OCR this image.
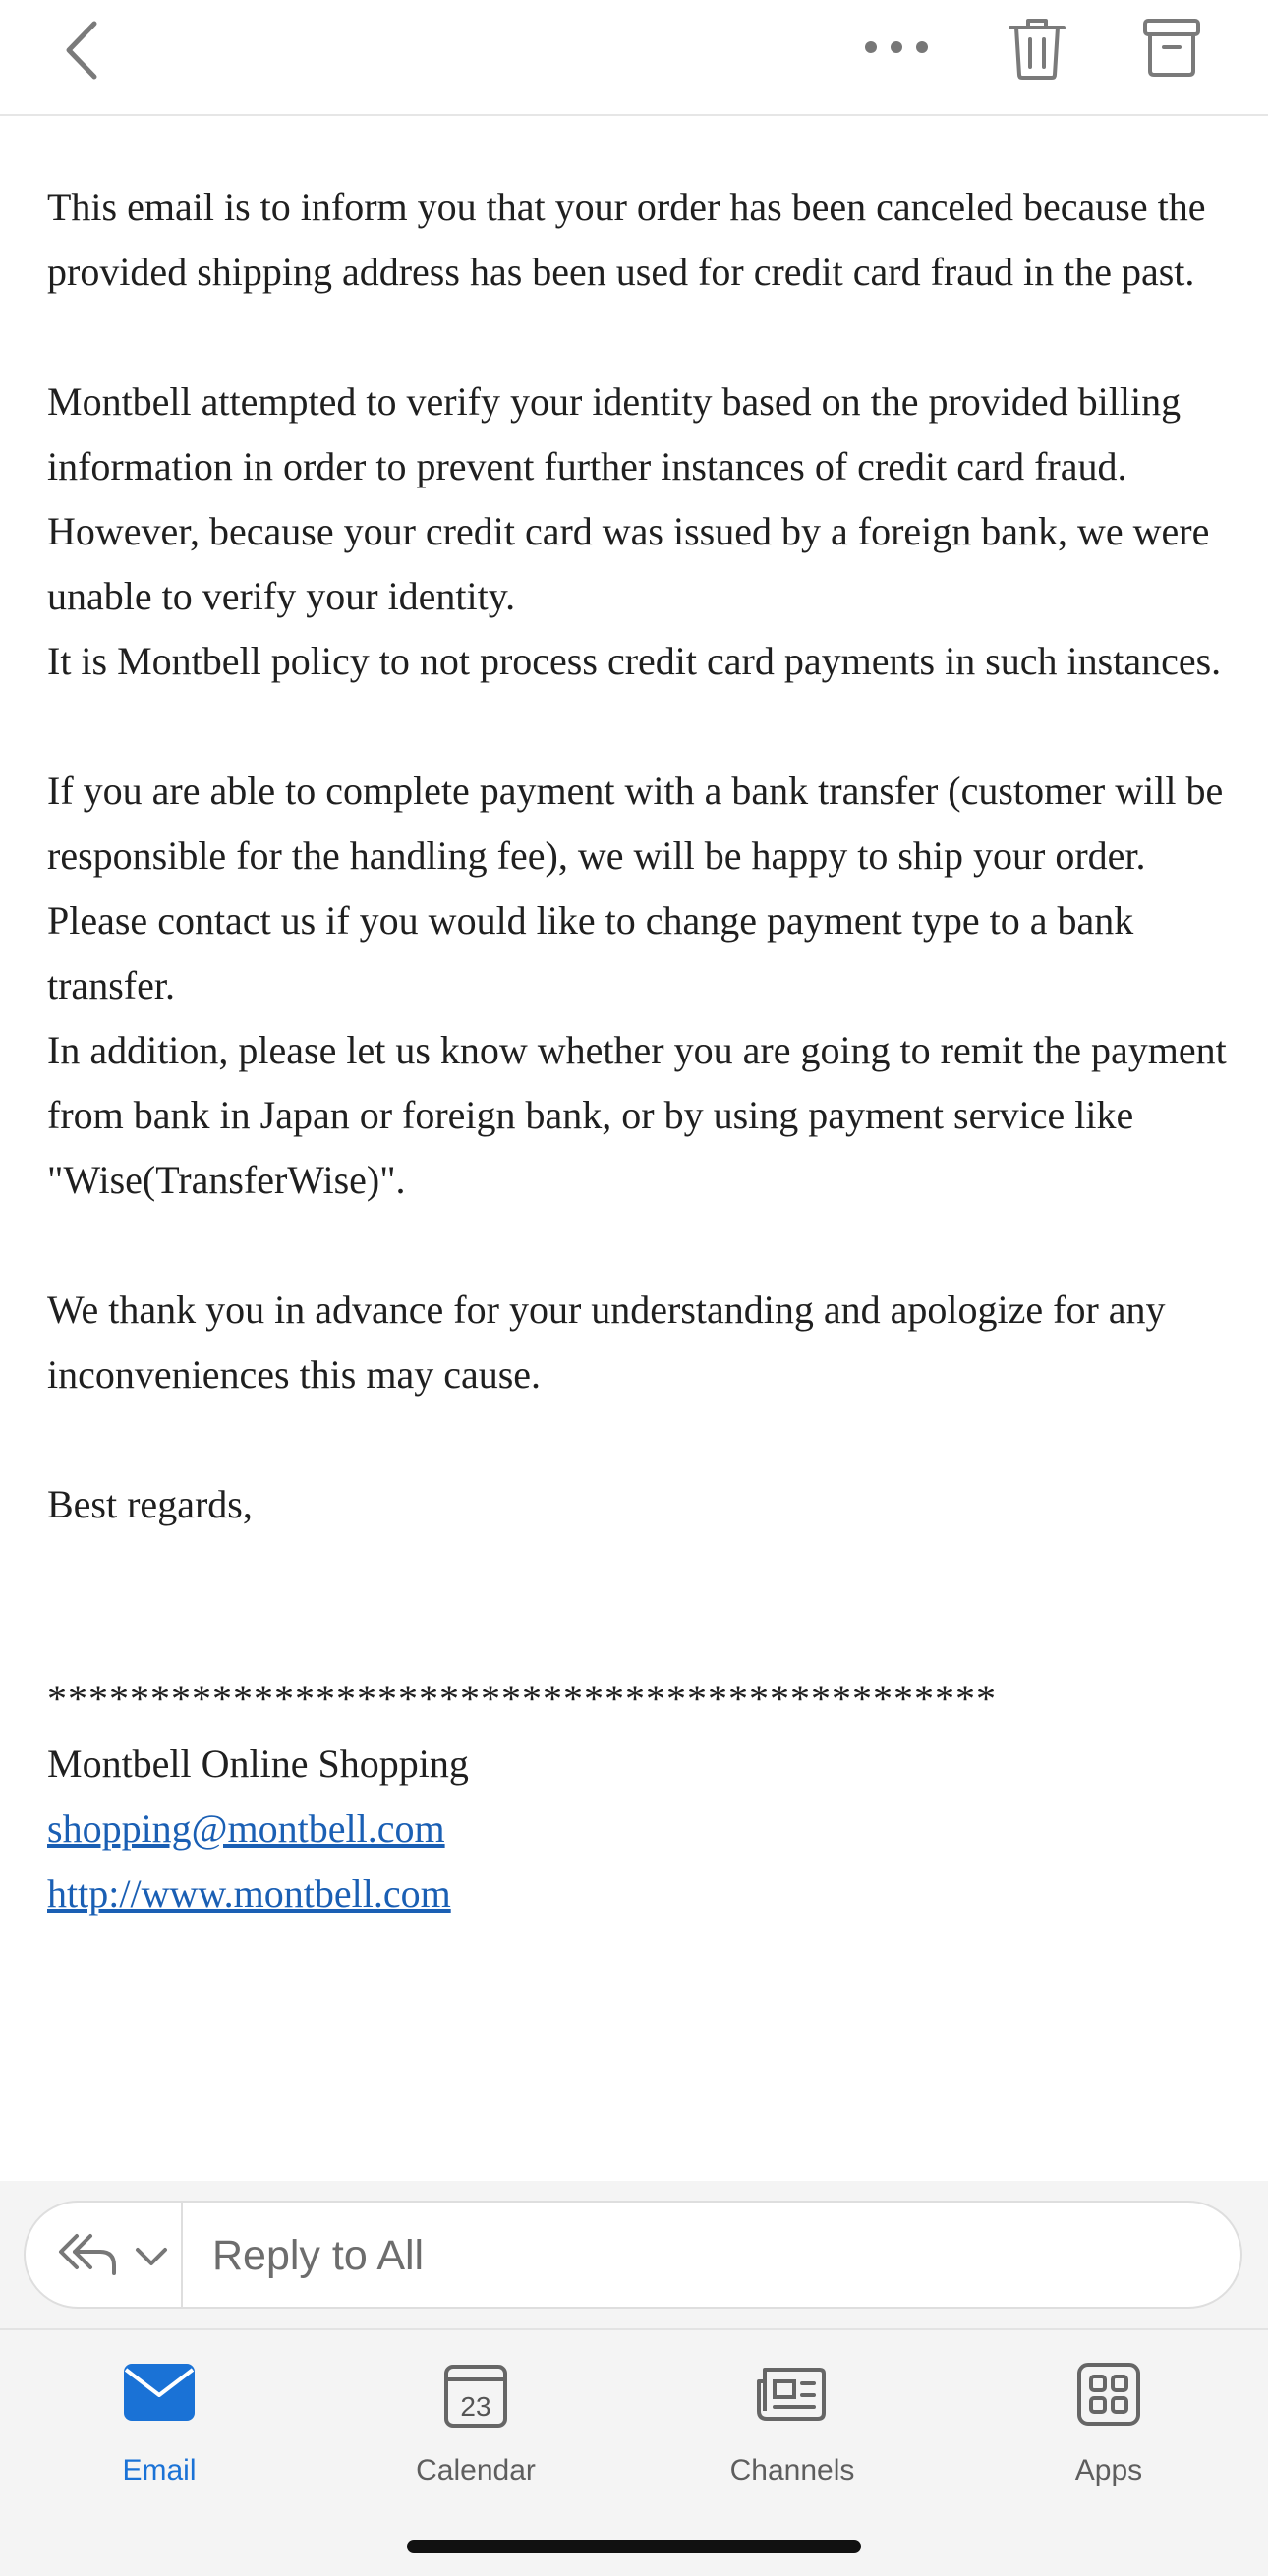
This email is to inform you that your order has been canceled because the provided shipping address has been used for credit card fraud in the past.

Montbell attempted to verify your identity based on the provided billing information in order to prevent further instances of credit card fraud.

However, because your credit card was issued by a foreign bank, we were unable to verify your identity.

It is Montbell policy to not process credit card payments in such instances.

If you are able to complete payment with a bank transfer (customer will be responsible for the handling fee), we will be happy to ship your order.

Please contact us if you would like to change payment type to a bank transfer.

In addition, please let us know whether you are going to remit the payment from bank in Japan or foreign bank, or by using payment service like "Wise(TransferWise)".

We thank you in advance for your understanding and apologize for any inconveniences this may cause.

Best regards,

**********************************************

Montbell Online Shopping

shopping@montbell.com
http://www.montbell.com
Reply to All
Email
23
Calendar	Channels	Apps
